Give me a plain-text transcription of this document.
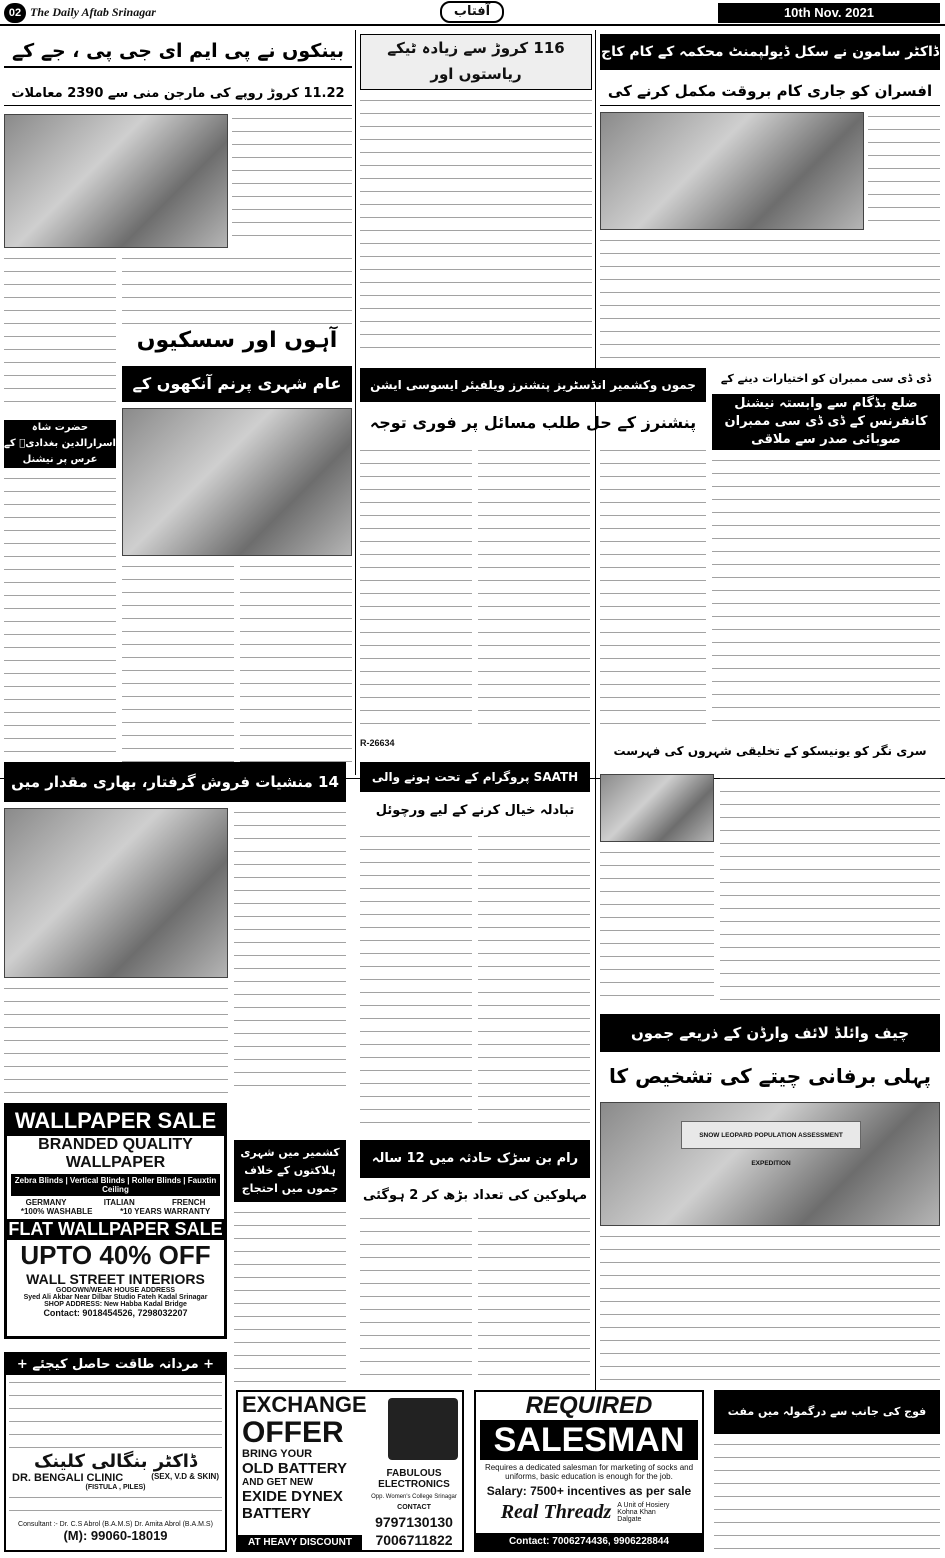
02 The Daily Aftab Srinagar	آفتاب	10th Nov. 2021
بینکوں نے پی ایم ای جی پی ، جے کے
11.22 کروڑ روپے کی مارجن منی سے 2390 معاملات
حضرت شاہ اسرارالدین بغدادیؒ کے عرس پر نیشنل
آہوں اور سسکیوں
عام شہری پرنم آنکھوں کے
116 کروڑ سے زیادہ ٹیکے ریاستوں اور
جموں وکشمیر انڈسٹریز پنشنرز ویلفیئر ایسوسی ایشن
پنشنرز کے حل طلب مسائل پر فوری توجہ
R-26634
ڈاکٹر سامون نے سکل ڈیولپمنٹ محکمہ کے کام کاج
افسران کو جاری کام بروقت مکمل کرنے کی
ڈی ڈی سی ممبران کو اختیارات دینے کے
ضلع بڈگام سے وابستہ نیشنل کانفرنس کے ڈی ڈی سی ممبران صوبائی صدر سے ملاقی
سری نگر کو یونیسکو کے تخلیقی شہروں کی فہرست
14 منشیات فروش گرفتار، بھاری مقدار میں	SAATH پروگرام کے تحت ہونے والی
تبادلہ خیال کرنے کے لیے ورچوئل
چیف وائلڈ لائف وارڈن کے ذریعے جموں
پہلی برفانی چیتے کی تشخیص کا
SNOW LEOPARD POPULATION ASSESSMENT EXPEDITION
کشمیر میں شہری ہلاکتوں کے خلاف جموں میں احتجاج
رام بن سڑک حادثہ میں 12 سالہ
مہلوکین کی تعداد بڑھ کر 2 ہوگئی
فوج کی جانب سے درگمولہ میں مفت
WALLPAPER SALE
BRANDED QUALITY WALLPAPER
Zebra Blinds | Vertical Blinds | Roller Blinds | Fauxtin Ceiling
GERMANY	ITALIAN	FRENCH
*100% WASHABLE	*10 YEARS WARRANTY
FLAT WALLPAPER SALE
UPTO 40% OFF
WALL STREET INTERIORS
GODOWN/WEAR HOUSE ADDRESS
Syed Ali Akbar Near Dilbar Studio Fateh Kadal Srinagar
SHOP ADDRESS: New Habba Kadal Bridge
Contact: 9018454526, 7298032207
+ مردانہ طاقت حاصل کیجئے +
ڈاکٹر بنگالی کلینک
DR. BENGALI CLINIC	(SEX, V.D & SKIN)
(FISTULA , PILES)
Consultant :- Dr. C.S Abrol (B.A.M.S) Dr. Amita Abrol (B.A.M.S)
(M): 99060-18019
EXCHANGE
OFFER
BRING YOUR
OLD BATTERY
AND GET NEW
EXIDE DYNEX
BATTERY
AT HEAVY DISCOUNT
FABULOUS ELECTRONICS
Opp. Women's College Srinagar
CONTACT
9797130130
7006711822
REQUIRED
SALESMAN
Requires a dedicated salesman for marketing of socks and uniforms, basic education is enough for the job.
Salary: 7500+ incentives as per sale
Real Threadz A Unit of Hosiery Kohna Khan Dalgate
Contact: 7006274436, 9906228844
